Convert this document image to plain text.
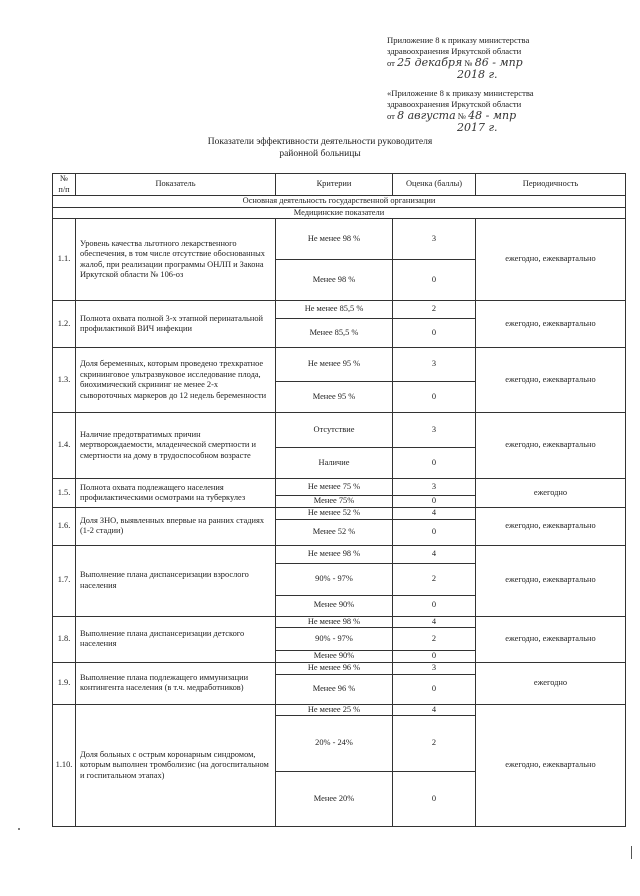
Приложение 8 к приказу министерства
здравоохранения Иркутской области
от 25 декабря № 86 - мпр
2018 г.
«Приложение 8 к приказу министерства
здравоохранения Иркутской области
от 8 августа № 48 - мпр
2017 г.
Показатели эффективности деятельности руководителя
районной больницы
№ п/п	Показатель	Критерии	Оценка (баллы)	Периодичность
Основная деятельность государственной организации				
Медицинские показатели				
1.1.	Уровень качества льготного лекарственного обеспечения, в том числе отсутствие обоснованных жалоб, при реализации программы ОНЛП и Закона Иркутской области № 106-оз	Не менее 98 %	3	ежегодно, ежеквартально
		Менее 98 %	0	
1.2.	Полнота охвата полной 3-х этапной перинатальной профилактикой ВИЧ инфекции	Не менее 85,5 %	2	ежегодно, ежеквартально
		Менее 85,5 %	0	
1.3.	Доля беременных, которым проведено трехкратное скрининговое ультразвуковое исследование плода, биохимический скрининг не менее 2-х сывороточных маркеров до 12 недель беременности	Не менее 95 %	3	ежегодно, ежеквартально
		Менее 95 %	0	
1.4.	Наличие предотвратимых причин мертворождаемости, младенческой смертности и смертности на дому в трудоспособном возрасте	Отсутствие	3	ежегодно, ежеквартально
		Наличие	0	
1.5.	Полнота охвата подлежащего населения профилактическими осмотрами на туберкулез	Не менее 75 %	3	ежегодно
		Менее 75%	0	
1.6.	Доля ЗНО, выявленных впервые на ранних стадиях (1-2 стадии)	Не менее 52 %	4	ежегодно, ежеквартально
		Менее 52 %	0	
1.7.	Выполнение плана диспансеризации взрослого населения	Не менее 98 %	4	ежегодно, ежеквартально
		90% - 97%	2	
		Менее 90%	0	
1.8.	Выполнение плана диспансеризации детского населения	Не менее 98 %	4	ежегодно, ежеквартально
		90% - 97%	2	
		Менее 90%	0	
1.9.	Выполнение плана подлежащего иммунизации контингента населения (в т.ч. медработников)	Не менее 96 %	3	ежегодно
		Менее 96 %	0	
1.10.	Доля больных с острым коронарным синдромом, которым выполнен тромболизис (на догоспитальном и госпитальном этапах)	Не менее 25 %	4	ежегодно, ежеквартально
		20% - 24%	2	
		Менее 20%	0	
